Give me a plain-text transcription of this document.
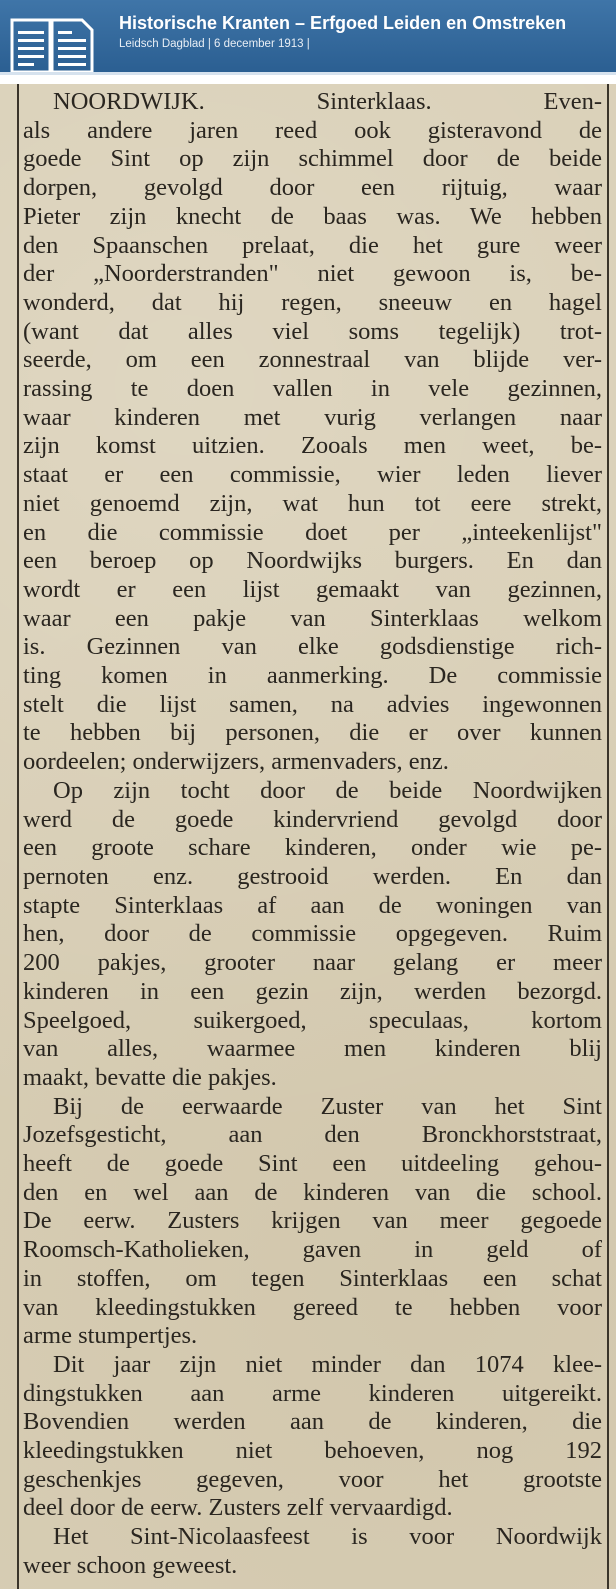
Historische Kranten – Erfgoed Leiden en Omstreken
Leidsch Dagblad | 6 december 1913 |
NOORDWIJK. Sinterklaas. Even-
als andere jaren reed ook gisteravond de
goede Sint op zijn schimmel door de beide
dorpen, gevolgd door een rijtuig, waar
Pieter zijn knecht de baas was. We hebben
den Spaanschen prelaat, die het gure weer
der „Noorderstranden" niet gewoon is, be-
wonderd, dat hij regen, sneeuw en hagel
(want dat alles viel soms tegelijk) trot-
seerde, om een zonnestraal van blijde ver-
rassing te doen vallen in vele gezinnen,
waar kinderen met vurig verlangen naar
zijn komst uitzien. Zooals men weet, be-
staat er een commissie, wier leden liever
niet genoemd zijn, wat hun tot eere strekt,
en die commissie doet per „inteekenlijst"
een beroep op Noordwijks burgers. En dan
wordt er een lijst gemaakt van gezinnen,
waar een pakje van Sinterklaas welkom
is. Gezinnen van elke godsdienstige rich-
ting komen in aanmerking. De commissie
stelt die lijst samen, na advies ingewonnen
te hebben bij personen, die er over kunnen
oordeelen; onderwijzers, armenvaders, enz.
Op zijn tocht door de beide Noordwijken
werd de goede kindervriend gevolgd door
een groote schare kinderen, onder wie pe-
pernoten enz. gestrooid werden. En dan
stapte Sinterklaas af aan de woningen van
hen, door de commissie opgegeven. Ruim
200 pakjes, grooter naar gelang er meer
kinderen in een gezin zijn, werden bezorgd.
Speelgoed, suikergoed, speculaas, kortom
van alles, waarmee men kinderen blij
maakt, bevatte die pakjes.
Bij de eerwaarde Zuster van het Sint
Jozefsgesticht, aan den Bronckhorststraat,
heeft de goede Sint een uitdeeling gehou-
den en wel aan de kinderen van die school.
De eerw. Zusters krijgen van meer gegoede
Roomsch-Katholieken, gaven in geld of
in stoffen, om tegen Sinterklaas een schat
van kleedingstukken gereed te hebben voor
arme stumpertjes.
Dit jaar zijn niet minder dan 1074 klee-
dingstukken aan arme kinderen uitgereikt.
Bovendien werden aan de kinderen, die
kleedingstukken niet behoeven, nog 192
geschenkjes gegeven, voor het grootste
deel door de eerw. Zusters zelf vervaardigd.
Het Sint-Nicolaasfeest is voor Noordwijk
weer schoon geweest.
